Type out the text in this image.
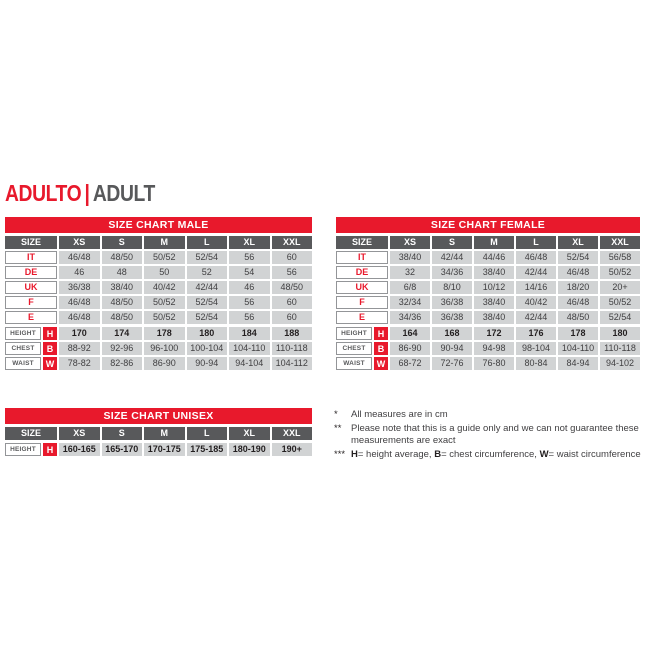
ADULTO | ADULT
SIZE CHART MALE
SIZE	XS	S	M	L	XL	XXL
IT	46/48	48/50	50/52	52/54	56	60
DE	46	48	50	52	54	56
UK	36/38	38/40	40/42	42/44	46	48/50
F	46/48	48/50	50/52	52/54	56	60
E	46/48	48/50	50/52	52/54	56	60
HEIGHT	H	170	174	178	180	184	188
CHEST	B	88-92	92-96	96-100	100-104	104-110	110-118
WAIST	W	78-82	82-86	86-90	90-94	94-104	104-112
SIZE CHART FEMALE
SIZE	XS	S	M	L	XL	XXL
IT	38/40	42/44	44/46	46/48	52/54	56/58
DE	32	34/36	38/40	42/44	46/48	50/52
UK	6/8	8/10	10/12	14/16	18/20	20+
F	32/34	36/38	38/40	40/42	46/48	50/52
E	34/36	36/38	38/40	42/44	48/50	52/54
HEIGHT	H	164	168	172	176	178	180
CHEST	B	86-90	90-94	94-98	98-104	104-110	110-118
WAIST	W	68-72	72-76	76-80	80-84	84-94	94-102
SIZE CHART UNISEX
SIZE	XS	S	M	L	XL	XXL
HEIGHT	H	160-165	165-170	170-175	175-185	180-190	190+
*	All measures are in cm
**	Please note that this is a guide only and we can not guarantee these measurements are exact
*** H= height average, B= chest circumference, W= waist circumference
